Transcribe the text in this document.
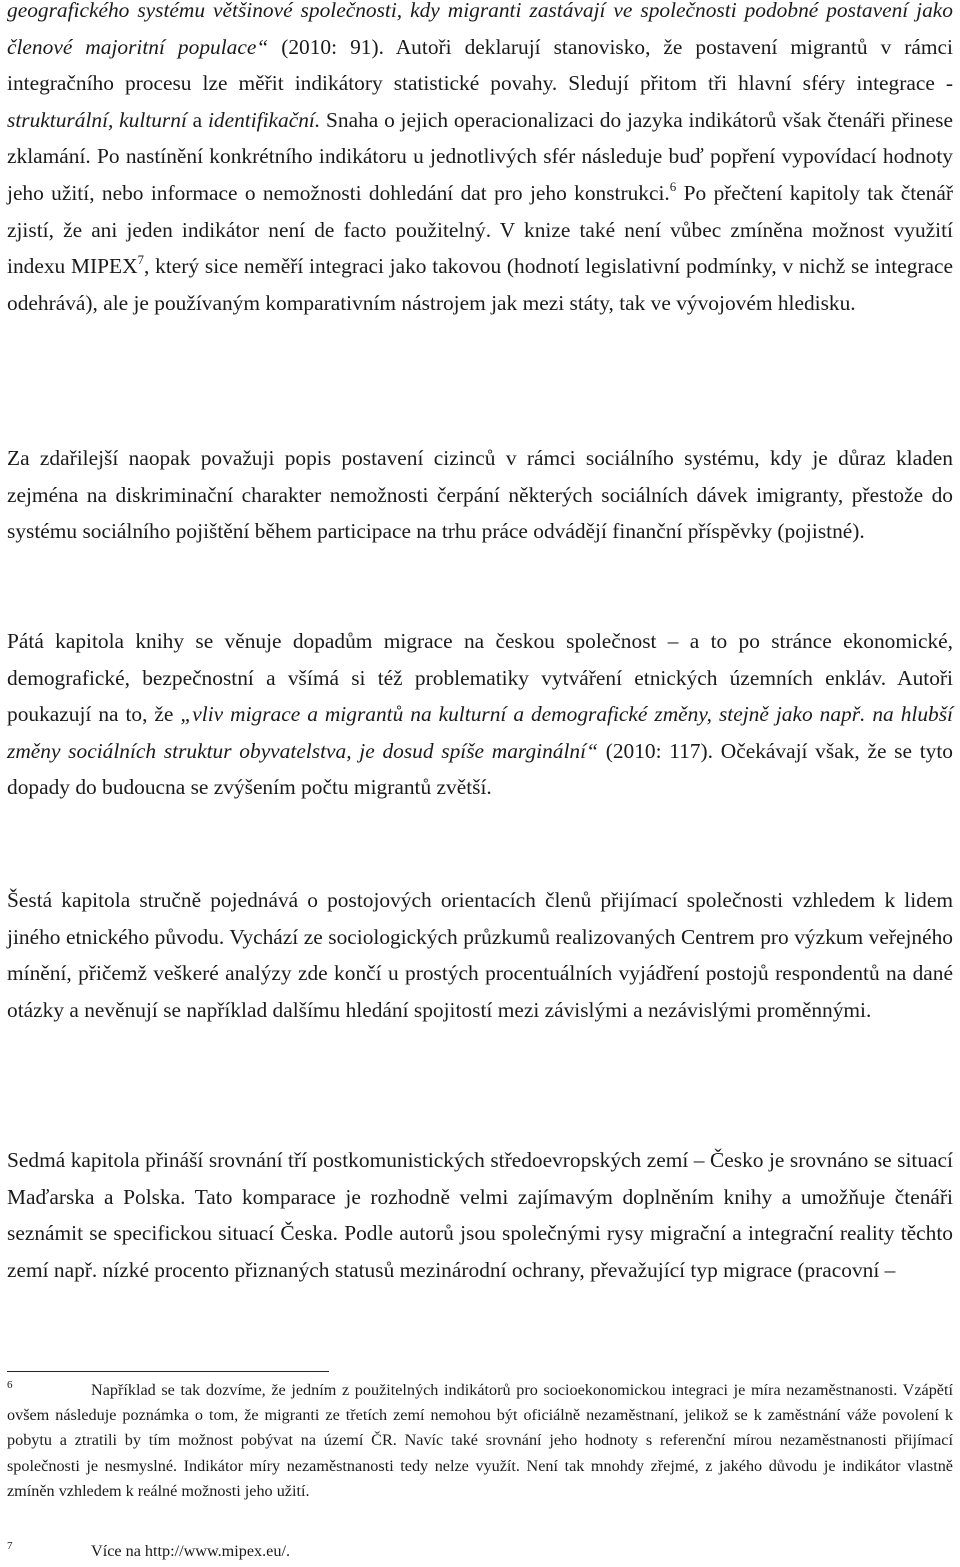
geografického systému většinové společnosti, kdy migranti zastávají ve společnosti podobné postavení jako členové majoritní populace“ (2010: 91). Autoři deklarují stanovisko, že postavení migrantů v rámci integračního procesu lze měřit indikátory statistické povahy. Sledují přitom tři hlavní sféry integrace - strukturální, kulturní a identifikační. Snaha o jejich operacionalizaci do jazyka indikátorů však čtenáři přinese zklamání. Po nastínění konkrétního indikátoru u jednotlivých sfér následuje buď popření vypovídací hodnoty jeho užití, nebo informace o nemožnosti dohledání dat pro jeho konstrukci.$^6$ Po přečtení kapitoly tak čtenář zjistí, že ani jeden indikátor není de facto použitelný. V knize také není vůbec zmíněna možnost využití indexu MIPEX$^7$, který sice neměří integraci jako takovou (hodnotí legislativní podmínky, v nichž se integrace odehrává), ale je používaným komparativním nástrojem jak mezi státy, tak ve vývojovém hledisku.

Za zdařilejší naopak považuji popis postavení cizinců v rámci sociálního systému, kdy je důraz kladen zejména na diskriminační charakter nemožnosti čerpání některých sociálních dávek imigranty, přestože do systému sociálního pojištění během participace na trhu práce odvádějí finanční příspěvky (pojistné).

Pátá kapitola knihy se věnuje dopadům migrace na českou společnost – a to po stránce ekonomické, demografické, bezpečnostní a všímá si též problematiky vytváření etnických územních enkláv. Autoři poukazují na to, že „vliv migrace a migrantů na kulturní a demografické změny, stejně jako např. na hlubší změny sociálních struktur obyvatelstva, je dosud spíše marginální“ (2010: 117). Očekávají však, že se tyto dopady do budoucna se zvýšením počtu migrantů zvětší.

Šestá kapitola stručně pojednává o postojových orientacích členů přijímací společnosti vzhledem k lidem jiného etnického původu. Vychází ze sociologických průzkumů realizovaných Centrem pro výzkum veřejného mínění, přičemž veškeré analýzy zde končí u prostých procentuálních vyjádření postojů respondentů na dané otázky a nevěnují se například dalšímu hledání spojitostí mezi závislými a nezávislými proměnnými.

Sedmá kapitola přináší srovnání tří postkomunistických středoevropských zemí – Česko je srovnáno se situací Maďarska a Polska. Tato komparace je rozhodně velmi zajímavým doplněním knihy a umožňuje čtenáři seznámit se specifickou situací Česka. Podle autorů jsou společnými rysy migrační a integrační reality těchto zemí např. nízké procento přiznaných statusů mezinárodní ochrany, převažující typ migrace (pracovní –

6	Například se tak dozvíme, že jedním z použitelných indikátorů pro socioekonomickou integraci je míra nezaměstnanosti. Vzápětí ovšem následuje poznámka o tom, že migranti ze třetích zemí nemohou být oficiálně nezaměstnaní, jelikož se k zaměstnání váže povolení k pobytu a ztratili by tím možnost pobývat na území ČR. Navíc také srovnání jeho hodnoty s referenční mírou nezaměstnanosti přijímací společnosti je nesmyslné. Indikátor míry nezaměstnanosti tedy nelze využít. Není tak mnohdy zřejmé, z jakého důvodu je indikátor vlastně zmíněn vzhledem k reálné možnosti jeho užití.

7	Více na http://www.mipex.eu/.
